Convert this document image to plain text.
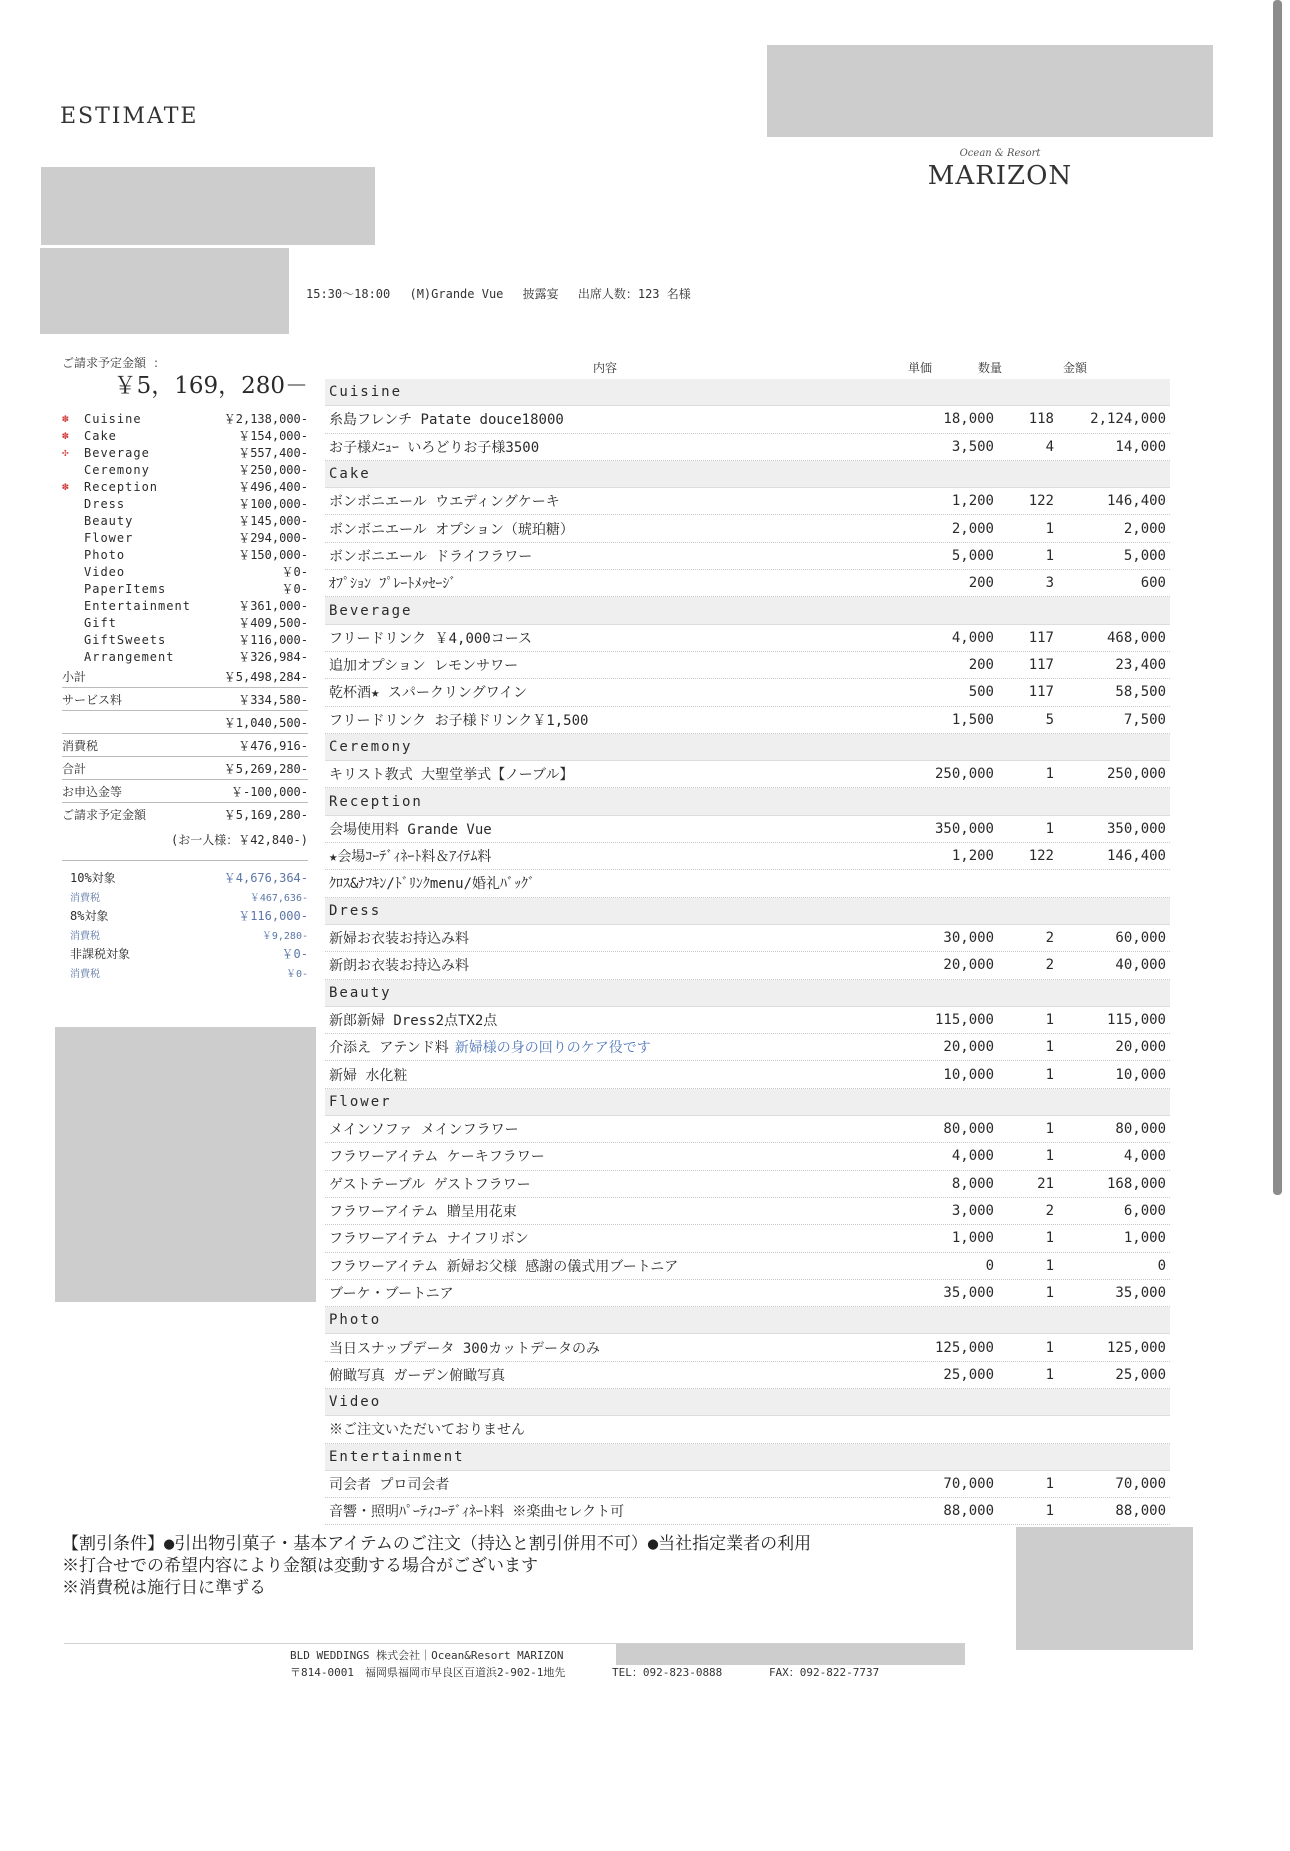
ESTIMATE
Ocean & Resort
MARIZON
15:30～18:00　 (M)Grande Vue　 披露宴　 出席人数：123 名様
ご請求予定金額 ：
￥5，169，280－
✽	Cuisine	￥2,138,000-
✽	Cake	￥154,000-
✣	Beverage	￥557,400-
Ceremony	￥250,000-
✽	Reception	￥496,400-
Dress	￥100,000-
Beauty	￥145,000-
Flower	￥294,000-
Photo	￥150,000-
Video	￥0-
PaperItems	￥0-
Entertainment	￥361,000-
Gift	￥409,500-
GiftSweets	￥116,000-
Arrangement	￥326,984-
小計	￥5,498,284-
サービス料	￥334,580-
￥1,040,500-
消費税	￥476,916-
合計	￥5,269,280-
お申込金等	￥-100,000-
ご請求予定金額	￥5,169,280-
(お一人様：￥42,840-)
10%対象	￥4,676,364-
消費税	￥467,636-
8%対象	￥116,000-
消費税	￥9,280-
非課税対象	￥0-
消費税	￥0-
内容	単価	数量	金額
Cuisine
糸島フレンチ Patate douce18000	18,000	118	2,124,000
お子様ﾒﾆｭｰ いろどりお子様3500	3,500	4	14,000
Cake
ボンボニエール ウエディングケーキ	1,200	122	146,400
ボンボニエール オプション（琥珀糖）	2,000	1	2,000
ボンボニエール ドライフラワー	5,000	1	5,000
ｵﾌﾟｼｮﾝ ﾌﾟﾚｰﾄﾒｯｾｰｼﾞ	200	3	600
Beverage
フリードリンク ￥4,000コース	4,000	117	468,000
追加オプション レモンサワー	200	117	23,400
乾杯酒★ スパークリングワイン	500	117	58,500
フリードリンク お子様ドリンク￥1,500	1,500	5	7,500
Ceremony
キリスト教式 大聖堂挙式【ノーブル】	250,000	1	250,000
Reception
会場使用料 Grande Vue	350,000	1	350,000
★会場ｺｰﾃﾞｨﾈｰﾄ料＆ｱｲﾃﾑ料	1,200	122	146,400
ｸﾛｽ&ﾅﾌｷﾝ/ﾄﾞﾘﾝｸmenu/婚礼ﾊﾞｯｸﾞ
Dress
新婦お衣装お持込み料	30,000	2	60,000
新朗お衣装お持込み料	20,000	2	40,000
Beauty
新郎新婦 Dress2点TX2点	115,000	1	115,000
介添え アテンド料 新婦様の身の回りのケア役です	20,000	1	20,000
新婦 水化粧	10,000	1	10,000
Flower
メインソファ メインフラワー	80,000	1	80,000
フラワーアイテム ケーキフラワー	4,000	1	4,000
ゲストテーブル ゲストフラワー	8,000	21	168,000
フラワーアイテム 贈呈用花束	3,000	2	6,000
フラワーアイテム ナイフリボン	1,000	1	1,000
フラワーアイテム 新婦お父様 感謝の儀式用ブートニア	0	1	0
ブーケ・ブートニア	35,000	1	35,000
Photo
当日スナップデータ 300カットデータのみ	125,000	1	125,000
俯瞰写真 ガーデン俯瞰写真	25,000	1	25,000
Video
※ご注文いただいておりません
Entertainment
司会者 プロ司会者	70,000	1	70,000
音響・照明ﾊﾟｰﾃｨｺｰﾃﾞｨﾈｰﾄ料 ※楽曲セレクト可	88,000	1	88,000
【割引条件】●引出物引菓子・基本アイテムのご注文（持込と割引併用不可）●当社指定業者の利用
※打合せでの希望内容により金額は変動する場合がございます
※消費税は施行日に準ずる
BLD WEDDINGS 株式会社｜Ocean&Resort MARIZON
〒814-0001　福岡県福岡市早良区百道浜2-902-1地先	TEL：092-823-0888	FAX：092-822-7737
